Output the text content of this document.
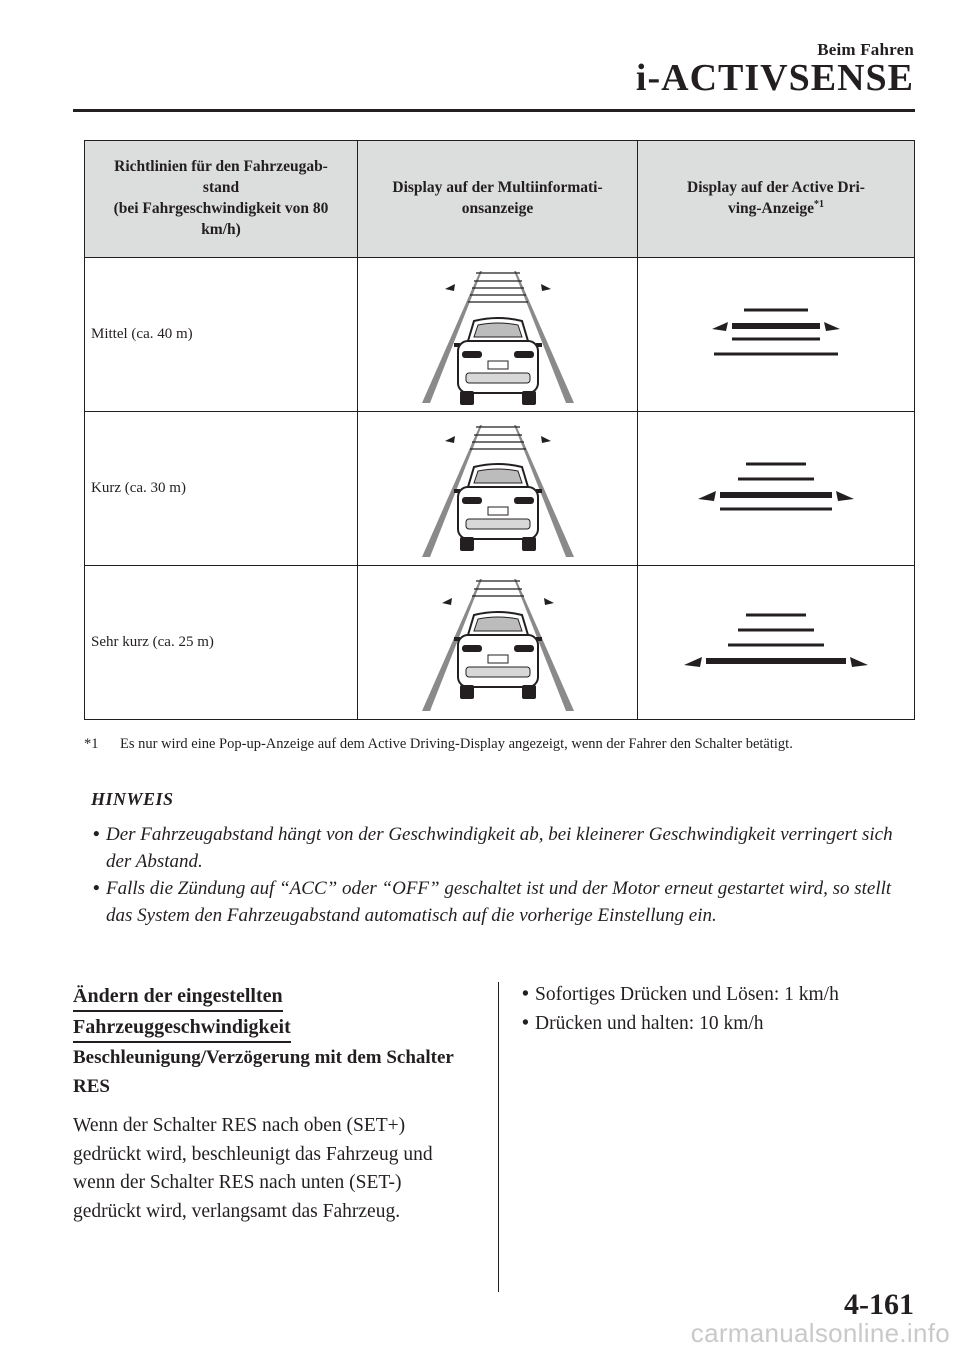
Beim Fahren
i-ACTIVSENSE
Richtlinien für den Fahrzeugab-
stand
(bei Fahrgeschwindigkeit von 80
km/h)	Display auf der Multiinformati-
onsanzeige	Display auf der Active Dri-
ving-Anzeige$^{*1}$
Mittel (ca. 40 m)	

Kurz (ca. 30 m)	

Sehr kurz (ca. 25 m)	

*1 Es nur wird eine Pop-up-Anzeige auf dem Active Driving-Display angezeigt, wenn der Fahrer den Schalter betätigt.
HINWEIS
• Der Fahrzeugabstand hängt von der Geschwindigkeit ab, bei kleinerer Geschwindigkeit verringert sich der Abstand.
• Falls die Zündung auf “ACC” oder “OFF” geschaltet ist und der Motor erneut gestartet wird, so stellt das System den Fahrzeugabstand automatisch auf die vorherige Einstellung ein.
Ändern der eingestellten
Fahrzeuggeschwindigkeit
Beschleunigung/Verzögerung mit dem Schalter RES
Wenn der Schalter RES nach oben (SET+) gedrückt wird, beschleunigt das Fahrzeug und wenn der Schalter RES nach unten (SET-) gedrückt wird, verlangsamt das Fahrzeug.
• Sofortiges Drücken und Lösen: 1 km/h
• Drücken und halten: 10 km/h
4-161
carmanualsonline.info
